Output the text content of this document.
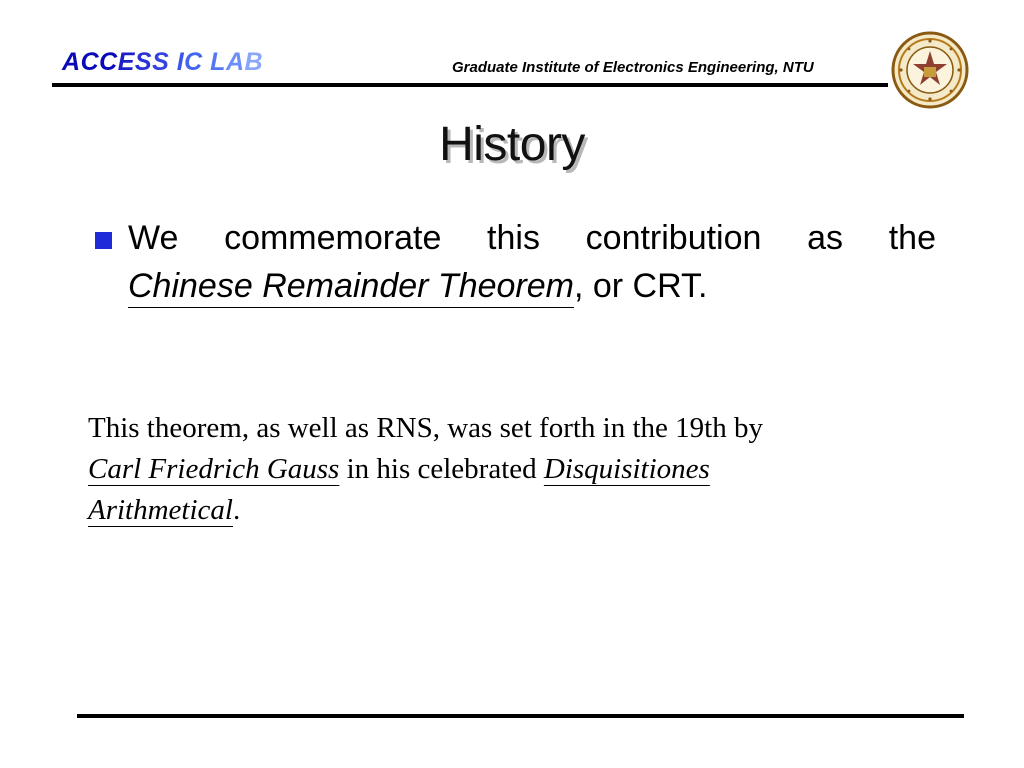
ACCESS IC LAB	Graduate Institute of Electronics Engineering, NTU
History
We commemorate this contribution as the
Chinese Remainder Theorem, or CRT.
This theorem, as well as RNS, was set forth in the 19th by
Carl Friedrich Gauss in his celebrated Disquisitiones
Arithmetical.
